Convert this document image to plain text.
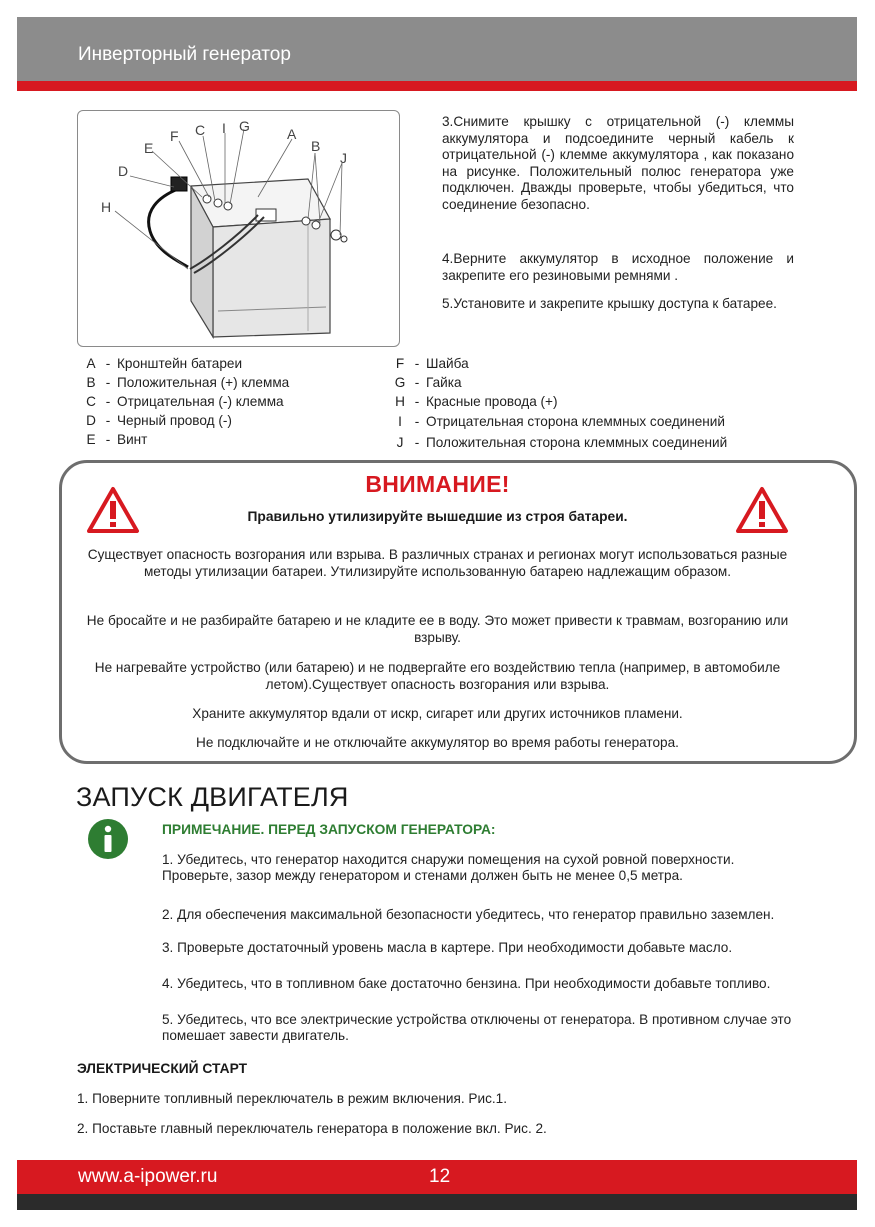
Инверторный генератор
E
F C I G	A
B
J
D
H
3.Снимите крышку с отрицательной (-) клеммы аккумулятора и подсоедините черный кабель к отрицательной (-) клемме аккумулятора , как показано на рисунке. Положительный полюс генератора уже подключен. Дважды проверьте, чтобы убедиться, что соединение безопасно.
4.Верните аккумулятор в исходное положение и закрепите его резиновыми ремнями .
5.Установите и закрепите крышку доступа к батарее.
A - Кронштейн батареи
B - Положительная (+) клемма
C - Отрицательная (-) клемма
D - Черный провод (-)
E - Винт
F - Шайба
G - Гайка
H - Красные провода (+)
I - Отрицательная сторона клеммных соединений
J - Положительная сторона клеммных соединений
ВНИМАНИЕ!
Правильно утилизируйте вышедшие из строя батареи.
Существует опасность возгорания или взрыва. В различных странах и регионах могут использоваться разные методы утилизации батареи. Утилизируйте использованную батарею надлежащим образом.
Не бросайте и не разбирайте батарею и не кладите ее в воду. Это может привести к травмам, возгоранию или взрыву.
Не нагревайте устройство (или батарею) и не подвергайте его воздействию тепла (например, в автомобиле летом).Существует опасность возгорания или взрыва.
Храните аккумулятор вдали от искр, сигарет или других источников пламени.
Не подключайте и не отключайте аккумулятор во время работы генератора.
ЗАПУСК ДВИГАТЕЛЯ
ПРИМЕЧАНИЕ. ПЕРЕД ЗАПУСКОМ ГЕНЕРАТОРА:
1. Убедитесь, что генератор находится снаружи помещения на сухой ровной поверхности. Проверьте, зазор между генератором и стенами должен быть не менее 0,5 метра.
2. Для обеспечения максимальной безопасности убедитесь, что генератор правильно заземлен.
3. Проверьте достаточный уровень масла в картере. При необходимости добавьте масло.
4. Убедитесь, что в топливном баке достаточно бензина. При необходимости добавьте топливо.
5. Убедитесь, что все электрические устройства отключены от генератора. В противном случае это помешает завести двигатель.
ЭЛЕКТРИЧЕСКИЙ СТАРТ
1. Поверните топливный переключатель в режим включения. Рис.1.
2. Поставьте главный переключатель генератора в положение вкл. Рис. 2.
www.a-ipower.ru	12
